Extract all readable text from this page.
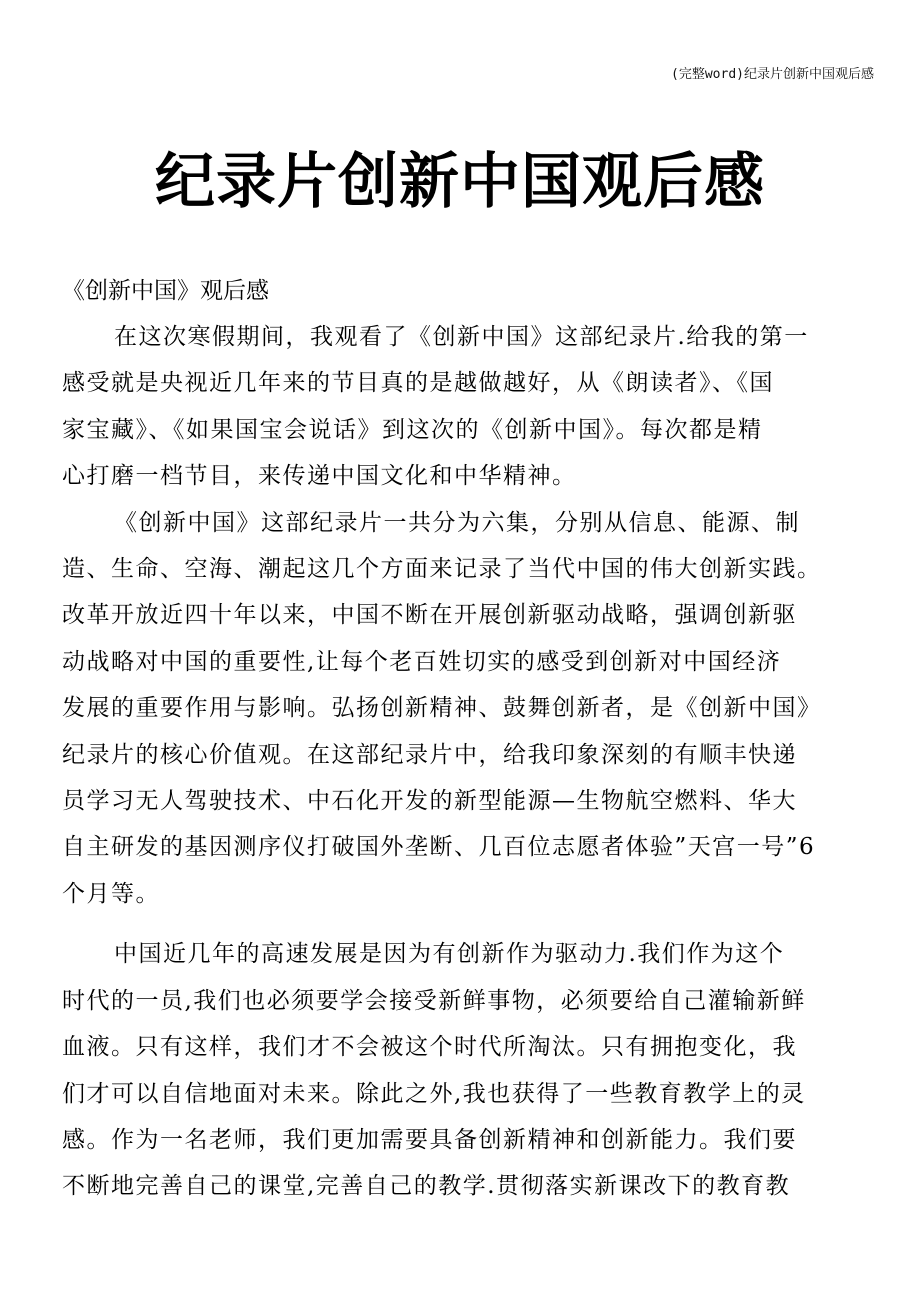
(完整word)纪录片创新中国观后感
纪录片创新中国观后感

《创新中国》观后感

在这次寒假期间，我观看了《创新中国》这部纪录片.给我的第一
感受就是央视近几年来的节目真的是越做越好，从《朗读者》、《国
家宝藏》、《如果国宝会说话》到这次的《创新中国》。每次都是精
心打磨一档节目，来传递中国文化和中华精神。
《创新中国》这部纪录片一共分为六集，分别从信息、能源、制
造、生命、空海、潮起这几个方面来记录了当代中国的伟大创新实践。
改革开放近四十年以来，中国不断在开展创新驱动战略，强调创新驱
动战略对中国的重要性,让每个老百姓切实的感受到创新对中国经济
发展的重要作用与影响。弘扬创新精神、鼓舞创新者，是《创新中国》
纪录片的核心价值观。在这部纪录片中，给我印象深刻的有顺丰快递
员学习无人驾驶技术、中石化开发的新型能源—生物航空燃料、华大
自主研发的基因测序仪打破国外垄断、几百位志愿者体验”天宫一号”6
个月等。
中国近几年的高速发展是因为有创新作为驱动力.我们作为这个
时代的一员,我们也必须要学会接受新鲜事物，必须要给自己灌输新鲜
血液。只有这样，我们才不会被这个时代所淘汰。只有拥抱变化，我
们才可以自信地面对未来。除此之外,我也获得了一些教育教学上的灵
感。作为一名老师，我们更加需要具备创新精神和创新能力。我们要
不断地完善自己的课堂,完善自己的教学.贯彻落实新课改下的教育教
